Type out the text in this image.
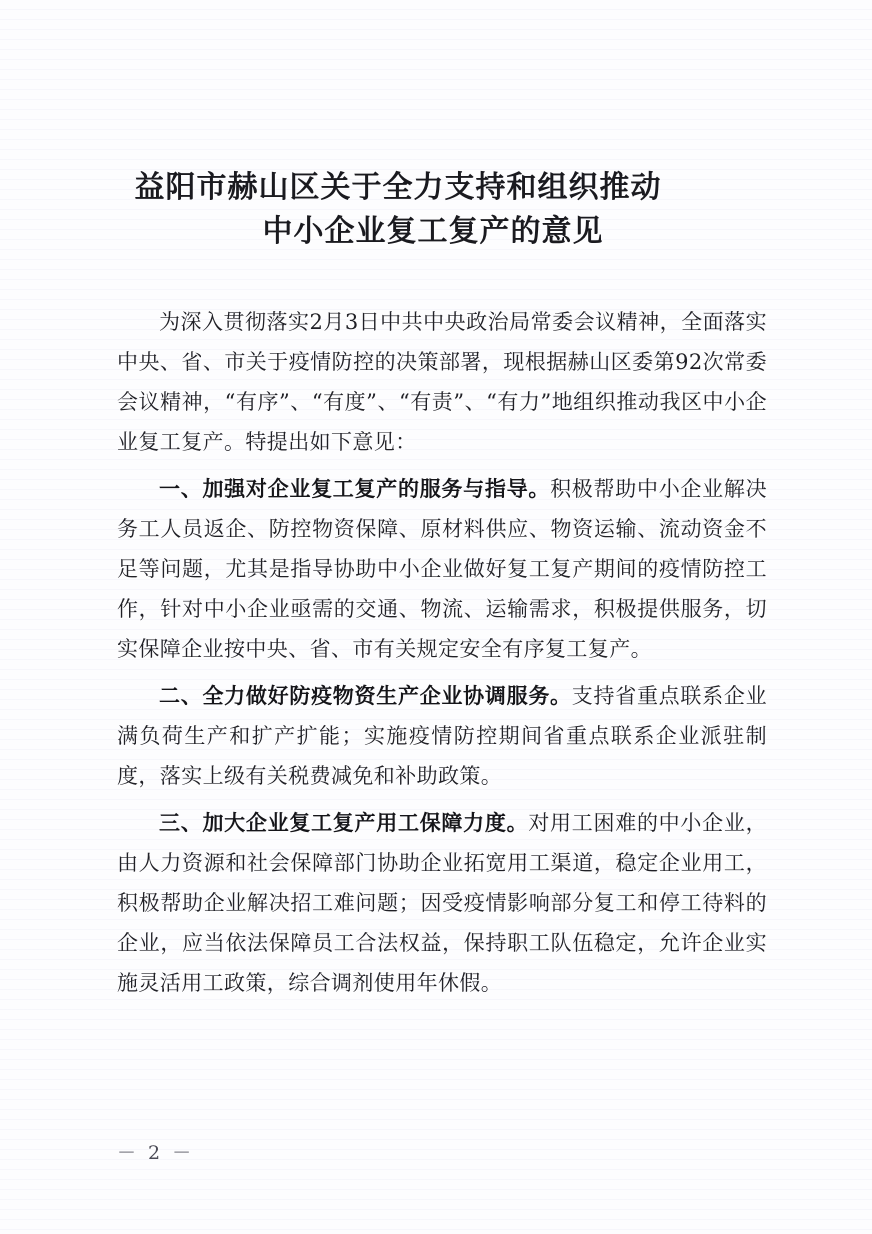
益阳市赫山区关于全力支持和组织推动
中小企业复工复产的意见

为深入贯彻落实2月3日中共中央政治局常委会议精神，全面落实中央、省、市关于疫情防控的决策部署，现根据赫山区委第92次常委会议精神，“有序”、“有度”、“有责”、“有力”地组织推动我区中小企业复工复产。特提出如下意见：

一、加强对企业复工复产的服务与指导。积极帮助中小企业解决务工人员返企、防控物资保障、原材料供应、物资运输、流动资金不足等问题，尤其是指导协助中小企业做好复工复产期间的疫情防控工作，针对中小企业亟需的交通、物流、运输需求，积极提供服务，切实保障企业按中央、省、市有关规定安全有序复工复产。

二、全力做好防疫物资生产企业协调服务。支持省重点联系企业满负荷生产和扩产扩能；实施疫情防控期间省重点联系企业派驻制度，落实上级有关税费减免和补助政策。

三、加大企业复工复产用工保障力度。对用工困难的中小企业，由人力资源和社会保障部门协助企业拓宽用工渠道，稳定企业用工，积极帮助企业解决招工难问题；因受疫情影响部分复工和停工待料的企业，应当依法保障员工合法权益，保持职工队伍稳定，允许企业实施灵活用工政策，综合调剂使用年休假。

－ 2 －
